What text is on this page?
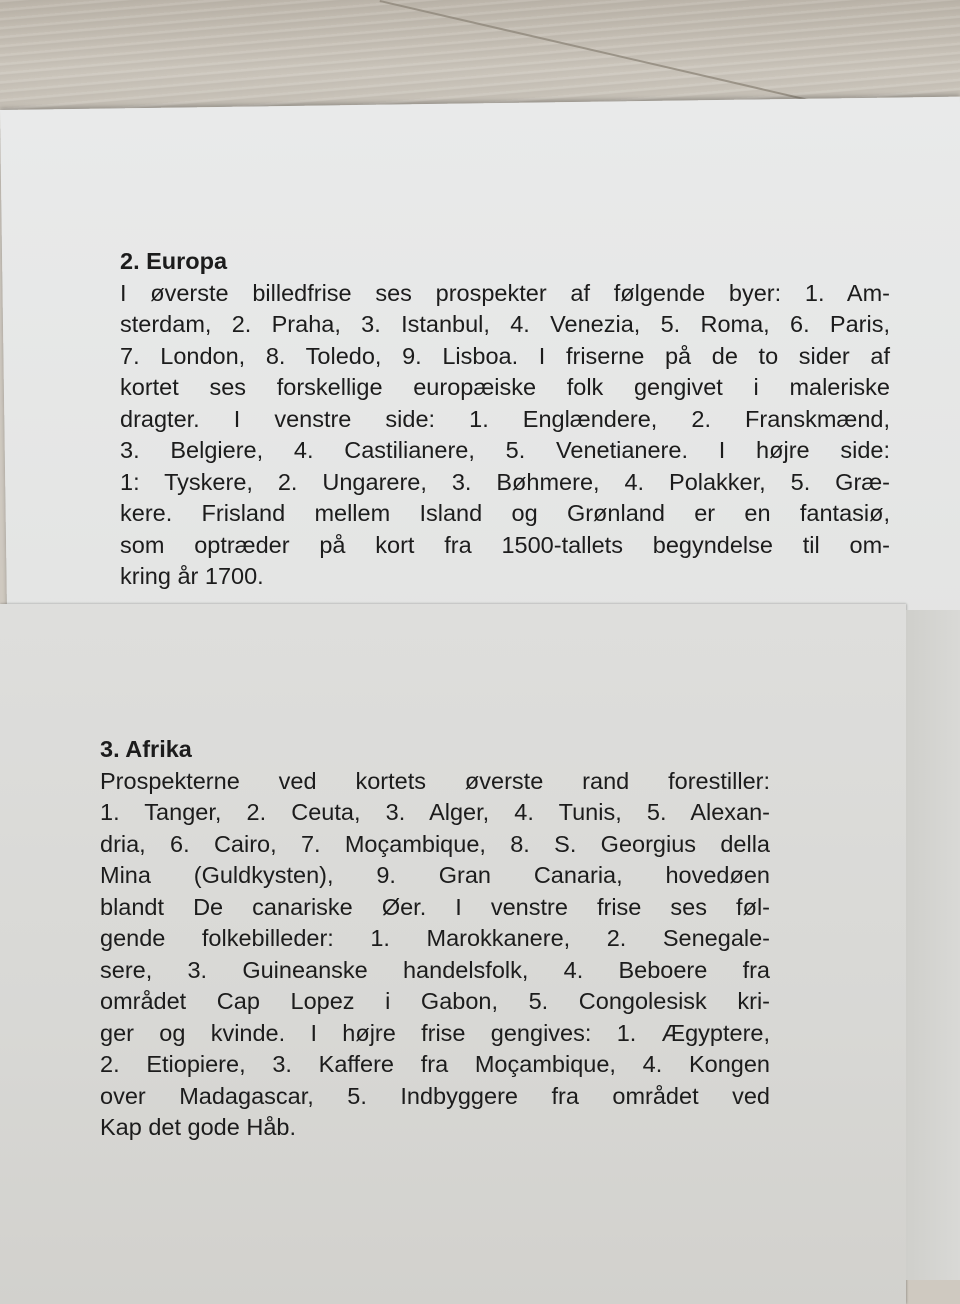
2. Europa
I øverste billedfrise ses prospekter af følgende byer: 1. Am-
sterdam, 2. Praha, 3. Istanbul, 4. Venezia, 5. Roma, 6. Paris,
7. London, 8. Toledo, 9. Lisboa. I friserne på de to sider af
kortet ses forskellige europæiske folk gengivet i maleriske
dragter. I venstre side: 1. Englændere, 2. Franskmænd,
3. Belgiere, 4. Castilianere, 5. Venetianere. I højre side:
1: Tyskere, 2. Ungarere, 3. Bøhmere, 4. Polakker, 5. Græ-
kere. Frisland mellem Island og Grønland er en fantasiø,
som optræder på kort fra 1500-tallets begyndelse til om-
kring år 1700.
3. Afrika
Prospekterne ved kortets øverste rand forestiller:
1. Tanger, 2. Ceuta, 3. Alger, 4. Tunis, 5. Alexan-
dria, 6. Cairo, 7. Moçambique, 8. S. Georgius della
Mina (Guldkysten), 9. Gran Canaria, hovedøen
blandt De canariske Øer. I venstre frise ses føl-
gende folkebilleder: 1. Marokkanere, 2. Senegale-
sere, 3. Guineanske handelsfolk, 4. Beboere fra
området Cap Lopez i Gabon, 5. Congolesisk kri-
ger og kvinde. I højre frise gengives: 1. Ægyptere,
2. Etiopiere, 3. Kaffere fra Moçambique, 4. Kongen
over Madagascar, 5. Indbyggere fra området ved
Kap det gode Håb.
